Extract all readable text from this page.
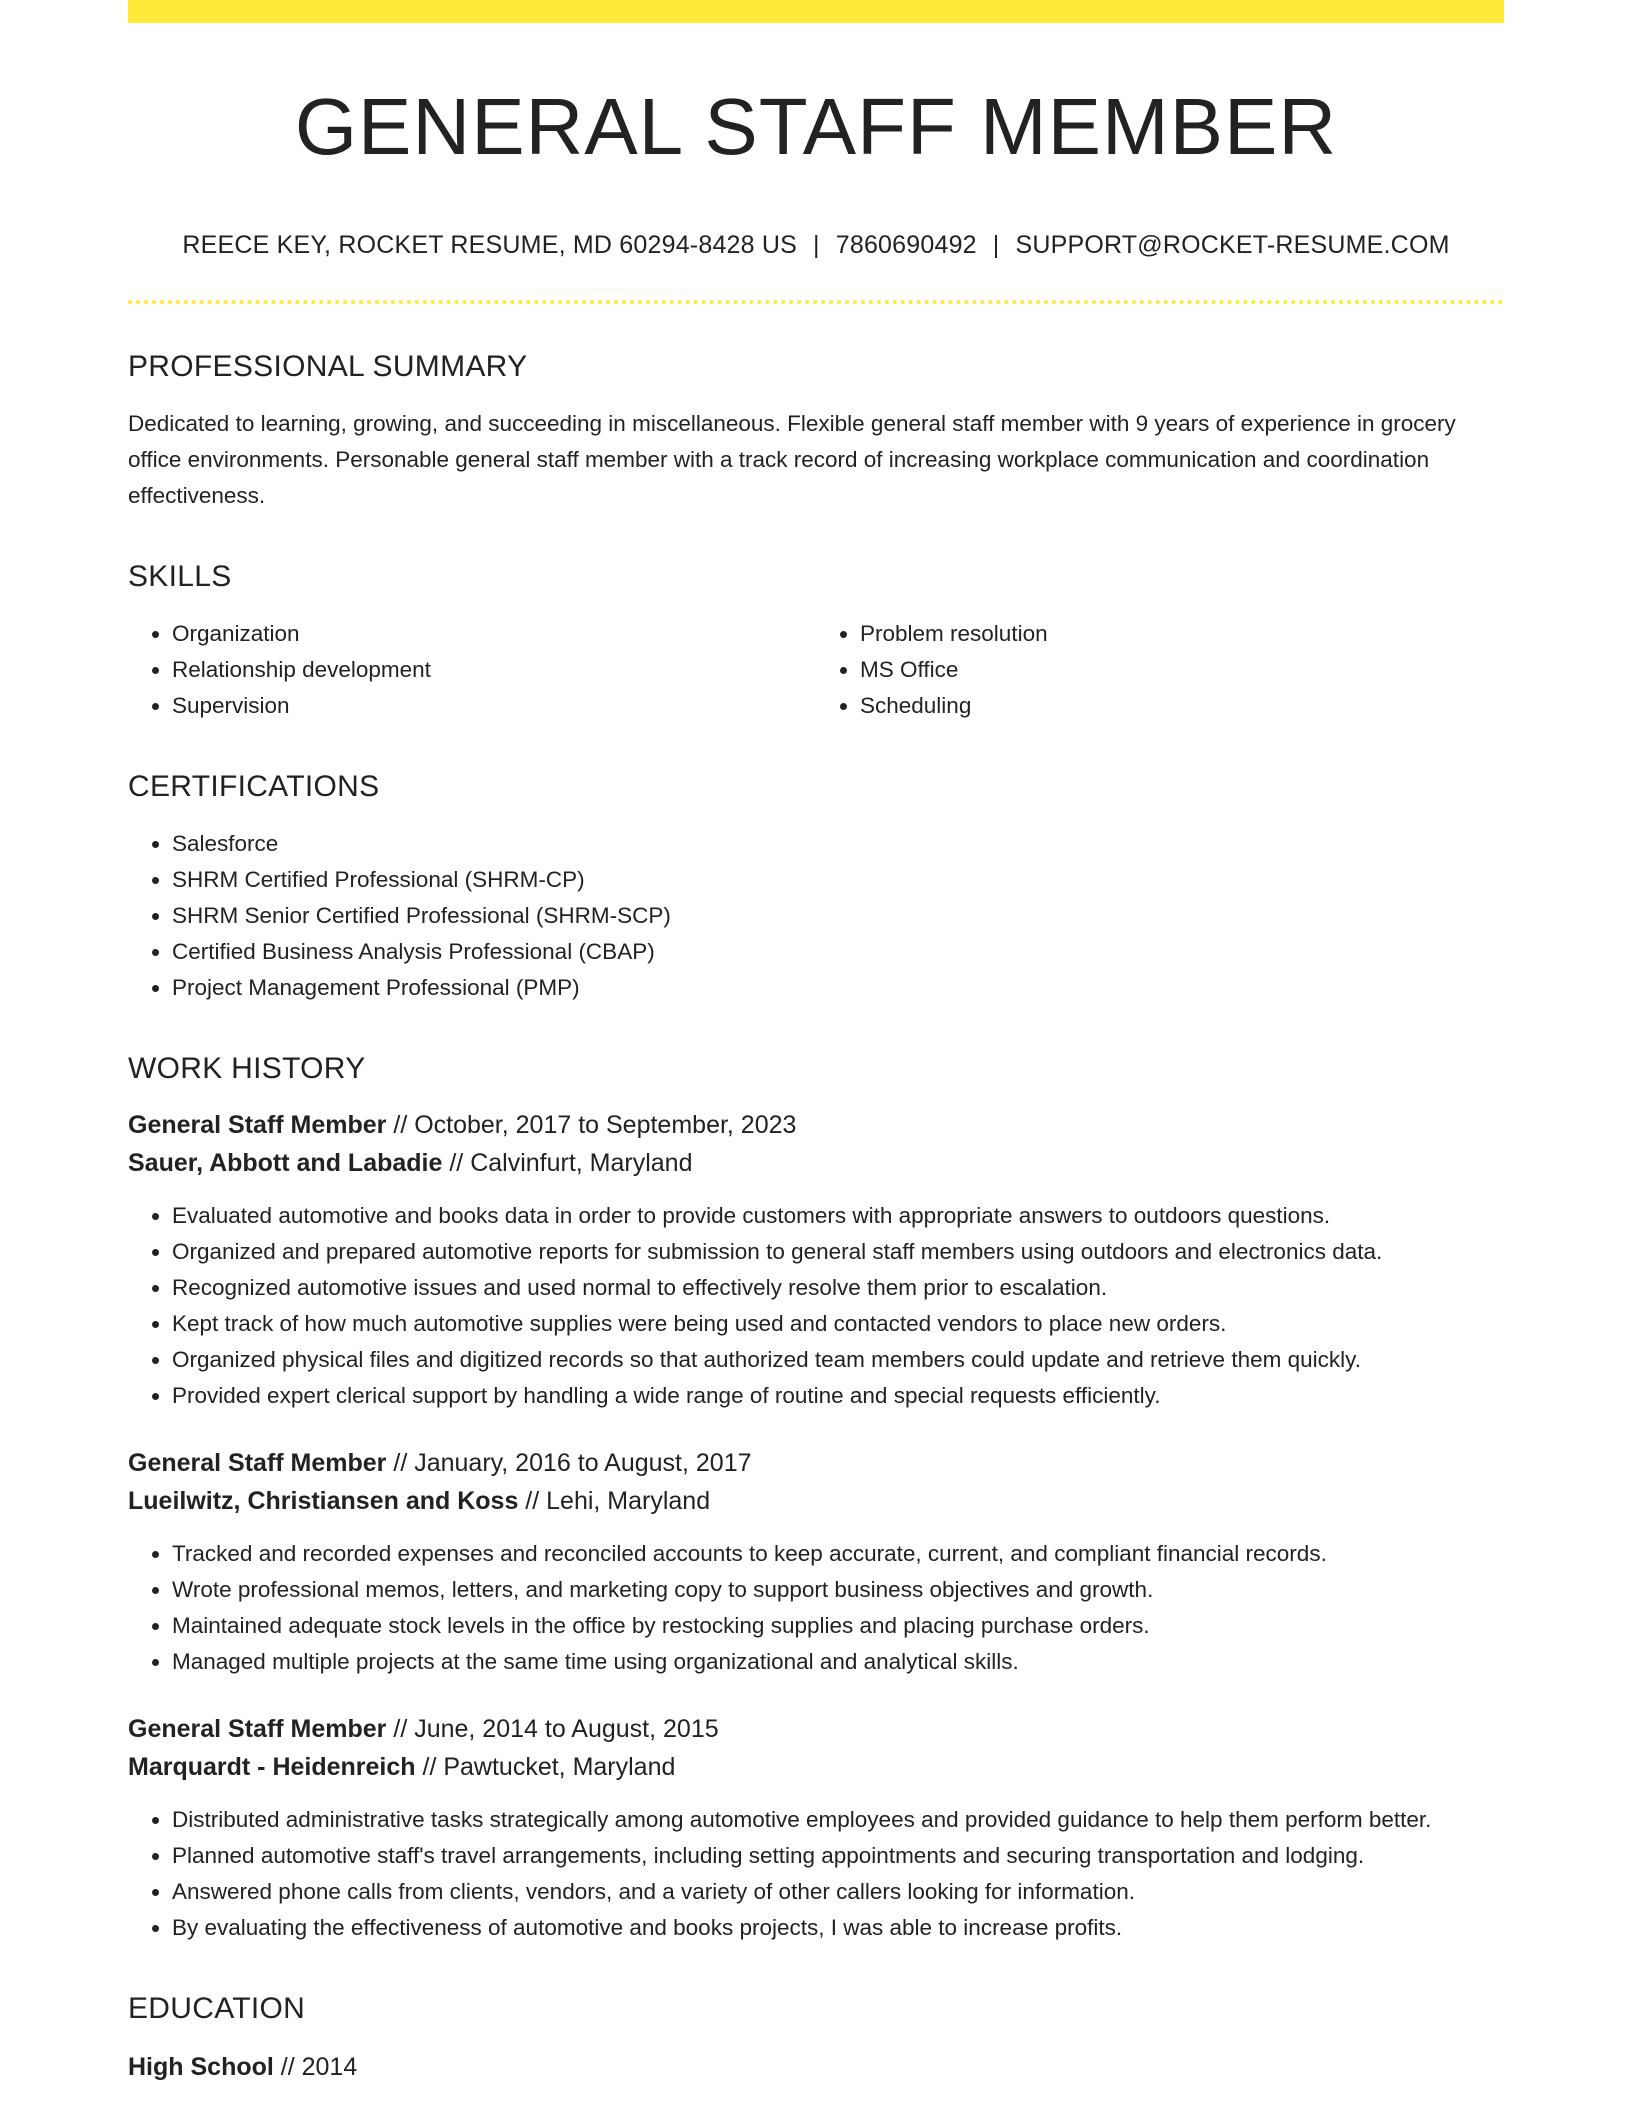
GENERAL STAFF MEMBER
REECE KEY, ROCKET RESUME, MD 60294-8428 US | 7860690492 | SUPPORT@ROCKET-RESUME.COM
PROFESSIONAL SUMMARY
Dedicated to learning, growing, and succeeding in miscellaneous. Flexible general staff member with 9 years of experience in grocery office environments. Personable general staff member with a track record of increasing workplace communication and coordination effectiveness.
SKILLS
• Organization
• Relationship development
• Supervision
• Problem resolution
• MS Office
• Scheduling
CERTIFICATIONS
• Salesforce
• SHRM Certified Professional (SHRM-CP)
• SHRM Senior Certified Professional (SHRM-SCP)
• Certified Business Analysis Professional (CBAP)
• Project Management Professional (PMP)
WORK HISTORY
General Staff Member // October, 2017 to September, 2023
Sauer, Abbott and Labadie // Calvinfurt, Maryland
• Evaluated automotive and books data in order to provide customers with appropriate answers to outdoors questions.
• Organized and prepared automotive reports for submission to general staff members using outdoors and electronics data.
• Recognized automotive issues and used normal to effectively resolve them prior to escalation.
• Kept track of how much automotive supplies were being used and contacted vendors to place new orders.
• Organized physical files and digitized records so that authorized team members could update and retrieve them quickly.
• Provided expert clerical support by handling a wide range of routine and special requests efficiently.
General Staff Member // January, 2016 to August, 2017
Lueilwitz, Christiansen and Koss // Lehi, Maryland
• Tracked and recorded expenses and reconciled accounts to keep accurate, current, and compliant financial records.
• Wrote professional memos, letters, and marketing copy to support business objectives and growth.
• Maintained adequate stock levels in the office by restocking supplies and placing purchase orders.
• Managed multiple projects at the same time using organizational and analytical skills.
General Staff Member // June, 2014 to August, 2015
Marquardt - Heidenreich // Pawtucket, Maryland
• Distributed administrative tasks strategically among automotive employees and provided guidance to help them perform better.
• Planned automotive staff's travel arrangements, including setting appointments and securing transportation and lodging.
• Answered phone calls from clients, vendors, and a variety of other callers looking for information.
• By evaluating the effectiveness of automotive and books projects, I was able to increase profits.
EDUCATION
High School // 2014
